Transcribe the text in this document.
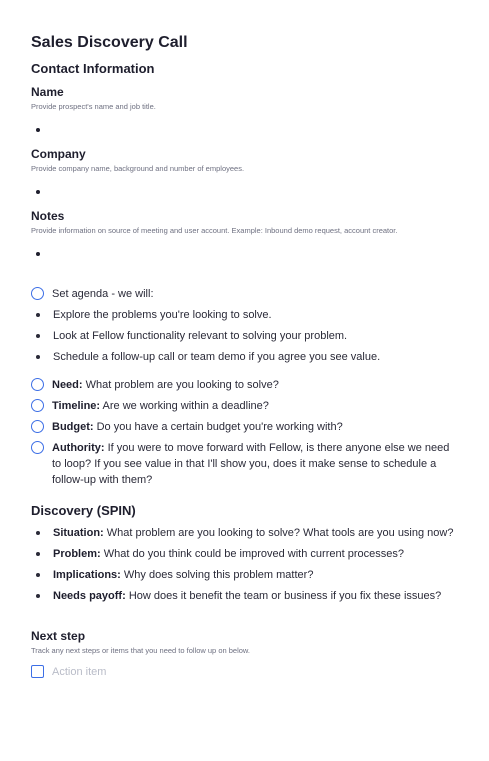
Sales Discovery Call
Contact Information
Name
Provide prospect's name and job title.
Company
Provide company name, background and number of employees.
Notes
Provide information on source of meeting and user account. Example: Inbound demo request, account creator.
Set agenda - we will:
Explore the problems you're looking to solve.
Look at Fellow functionality relevant to solving your problem.
Schedule a follow-up call or team demo if you agree you see value.
Need: What problem are you looking to solve?
Timeline: Are we working within a deadline?
Budget: Do you have a certain budget you're working with?
Authority: If you were to move forward with Fellow, is there anyone else we need to loop? If you see value in that I'll show you, does it make sense to schedule a follow-up with them?
Discovery (SPIN)
Situation: What problem are you looking to solve? What tools are you using now?
Problem: What do you think could be improved with current processes?
Implications: Why does solving this problem matter?
Needs payoff: How does it benefit the team or business if you fix these issues?
Next step
Track any next steps or items that you need to follow up on below.
Action item
